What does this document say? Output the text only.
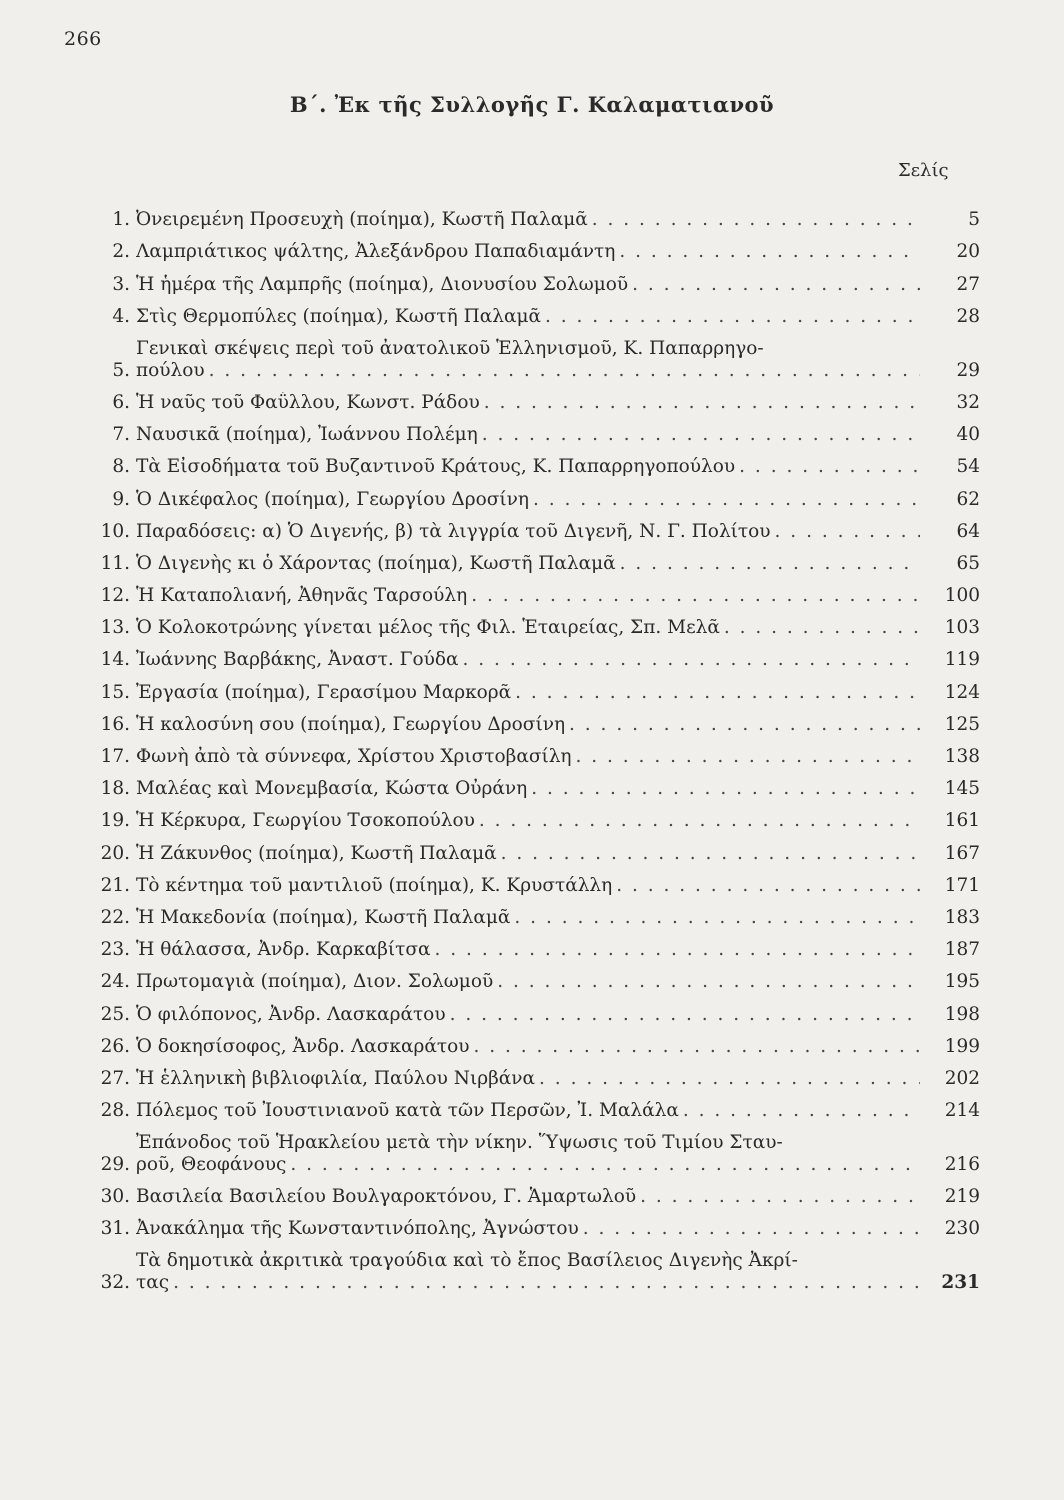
266
Β΄. Ἐκ τῆς Συλλογῆς Γ. Καλαματιανοῦ
Σελίς
1. Ὀνειρεμένη Προσευχὴ (ποίημα), Κωστῆ Παλαμᾶ . . .	5
2. Λαμπριάτικος ψάλτης, Ἀλεξάνδρου Παπαδιαμάντη . . .	20
3. Ἡ ἡμέρα τῆς Λαμπρῆς (ποίημα), Διονυσίου Σολωμοῦ . . .	27
4. Στὶς Θερμοπύλες (ποίημα), Κωστῆ Παλαμᾶ . . .	28
5.
Γενικαὶ σκέψεις περὶ τοῦ ἀνατολικοῦ Ἑλληνισμοῦ, Κ. Παπαρρηγο-
πούλου . . .	29
6. Ἡ ναῦς τοῦ Φαΰλλου, Κωνστ. Ράδου . . .	32
7. Ναυσικᾶ (ποίημα), Ἰωάννου Πολέμη . . .	40
8. Τὰ Εἰσοδήματα τοῦ Βυζαντινοῦ Κράτους, Κ. Παπαρρηγοπούλου . . .	54
9. Ὁ Δικέφαλος (ποίημα), Γεωργίου Δροσίνη . . .	62
10. Παραδόσεις: α) Ὁ Διγενής, β) τὰ λιγγρία τοῦ Διγενῆ, Ν. Γ. Πολίτου . . .	64
11. Ὁ Διγενὴς κι ὁ Χάροντας (ποίημα), Κωστῆ Παλαμᾶ . . .	65
12. Ἡ Καταπολιανή, Ἀθηνᾶς Ταρσούλη . . .	100
13. Ὁ Κολοκοτρώνης γίνεται μέλος τῆς Φιλ. Ἑταιρείας, Σπ. Μελᾶ . . .	103
14. Ἰωάννης Βαρβάκης, Ἀναστ. Γούδα . . .	119
15. Ἐργασία (ποίημα), Γερασίμου Μαρκορᾶ . . .	124
16. Ἡ καλοσύνη σου (ποίημα), Γεωργίου Δροσίνη . . .	125
17. Φωνὴ ἀπὸ τὰ σύννεφα, Χρίστου Χριστοβασίλη . . .	138
18. Μαλέας καὶ Μονεμβασία, Κώστα Οὐράνη . . .	145
19. Ἡ Κέρκυρα, Γεωργίου Τσοκοπούλου . . .	161
20. Ἡ Ζάκυνθος (ποίημα), Κωστῆ Παλαμᾶ . . .	167
21. Τὸ κέντημα τοῦ μαντιλιοῦ (ποίημα), Κ. Κρυστάλλη . . .	171
22. Ἡ Μακεδονία (ποίημα), Κωστῆ Παλαμᾶ . . .	183
23. Ἡ θάλασσα, Ἀνδρ. Καρκαβίτσα . . .	187
24. Πρωτομαγιὰ (ποίημα), Διον. Σολωμοῦ . . .	195
25. Ὁ φιλόπονος, Ἀνδρ. Λασκαράτου . . .	198
26. Ὁ δοκησίσοφος, Ἀνδρ. Λασκαράτου . . .	199
27. Ἡ ἑλληνικὴ βιβλιοφιλία, Παύλου Νιρβάνα . . .	202
28. Πόλεμος τοῦ Ἰουστινιανοῦ κατὰ τῶν Περσῶν, Ἰ. Μαλάλα . . .	214
29.
Ἐπάνοδος τοῦ Ἡρακλείου μετὰ τὴν νίκην. Ὕψωσις τοῦ Τιμίου Σταυ-
ροῦ, Θεοφάνους . . .	216
30. Βασιλεία Βασιλείου Βουλγαροκτόνου, Γ. Ἁμαρτωλοῦ . . .	219
31. Ἀνακάλημα τῆς Κωνσταντινόπολης, Ἀγνώστου . . .	230
32.
Τὰ δημοτικὰ ἀκριτικὰ τραγούδια καὶ τὸ ἔπος Βασίλειος Διγενὴς Ἀκρί-
τας . . .	231
